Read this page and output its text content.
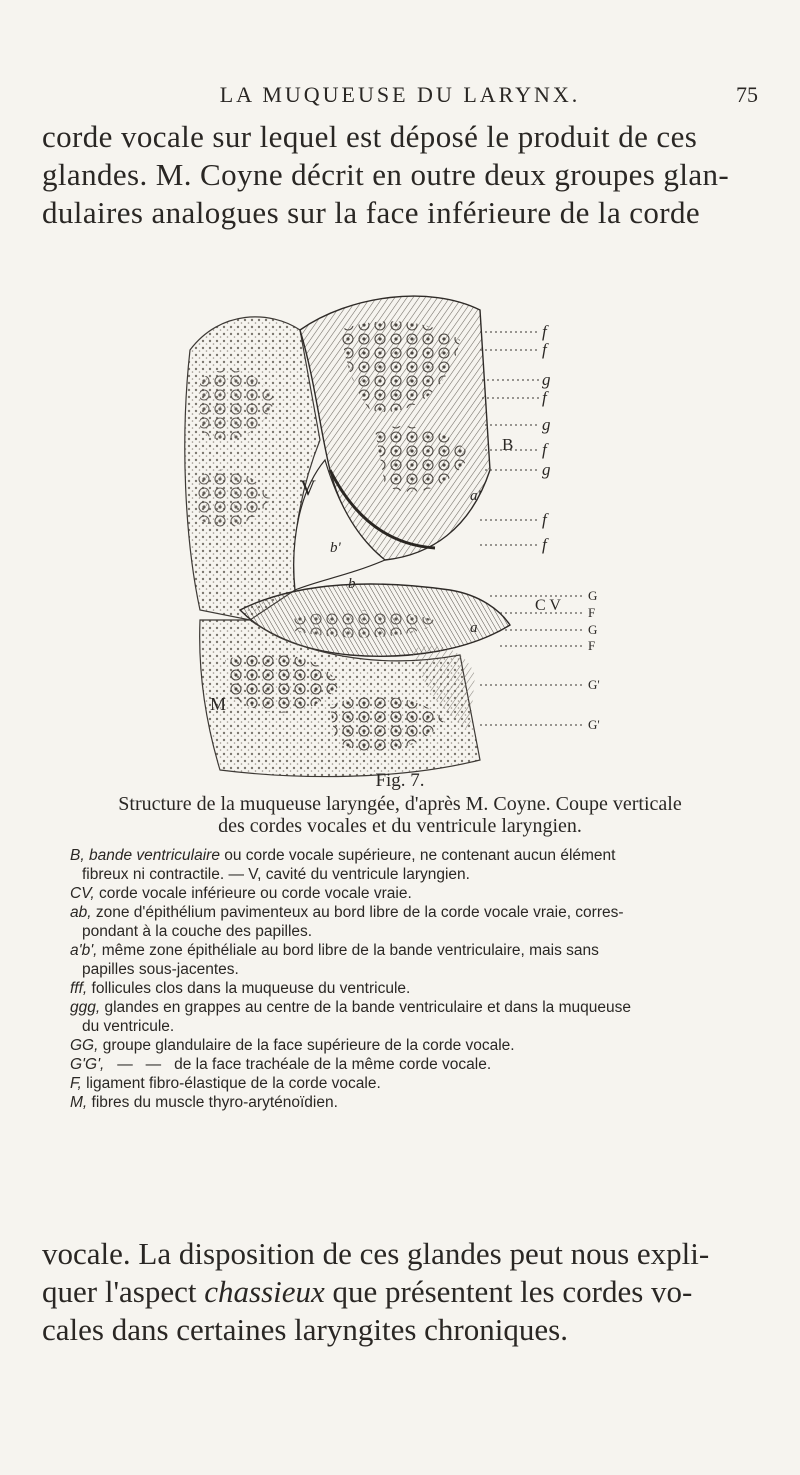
LA MUQUEUSE DU LARYNX.	75
corde vocale sur lequel est déposé le produit de ces
glandes. M. Coyne décrit en outre deux groupes glan-
dulaires analogues sur la face inférieure de la corde
f
f
g
f
B
g
f
g
f
f
V	a'
b'
b
a
C V
G
F
G
F
G'
G'
M
Fig. 7.
Structure de la muqueuse laryngée, d'après M. Coyne. Coupe verticale
des cordes vocales et du ventricule laryngien.
B, bande ventriculaire ou corde vocale supérieure, ne contenant aucun élément
fibreux ni contractile. — V, cavité du ventricule laryngien.
CV, corde vocale inférieure ou corde vocale vraie.
ab, zone d'épithélium pavimenteux au bord libre de la corde vocale vraie, corres-
pondant à la couche des papilles.
a'b', même zone épithéliale au bord libre de la bande ventriculaire, mais sans
papilles sous-jacentes.
fff, follicules clos dans la muqueuse du ventricule.
ggg, glandes en grappes au centre de la bande ventriculaire et dans la muqueuse
du ventricule.
GG, groupe glandulaire de la face supérieure de la corde vocale.
G'G',   —   —   de la face trachéale de la même corde vocale.
F, ligament fibro-élastique de la corde vocale.
M, fibres du muscle thyro-aryténoïdien.
vocale. La disposition de ces glandes peut nous expli-
quer l'aspect chassieux que présentent les cordes vo-
cales dans certaines laryngites chroniques.
